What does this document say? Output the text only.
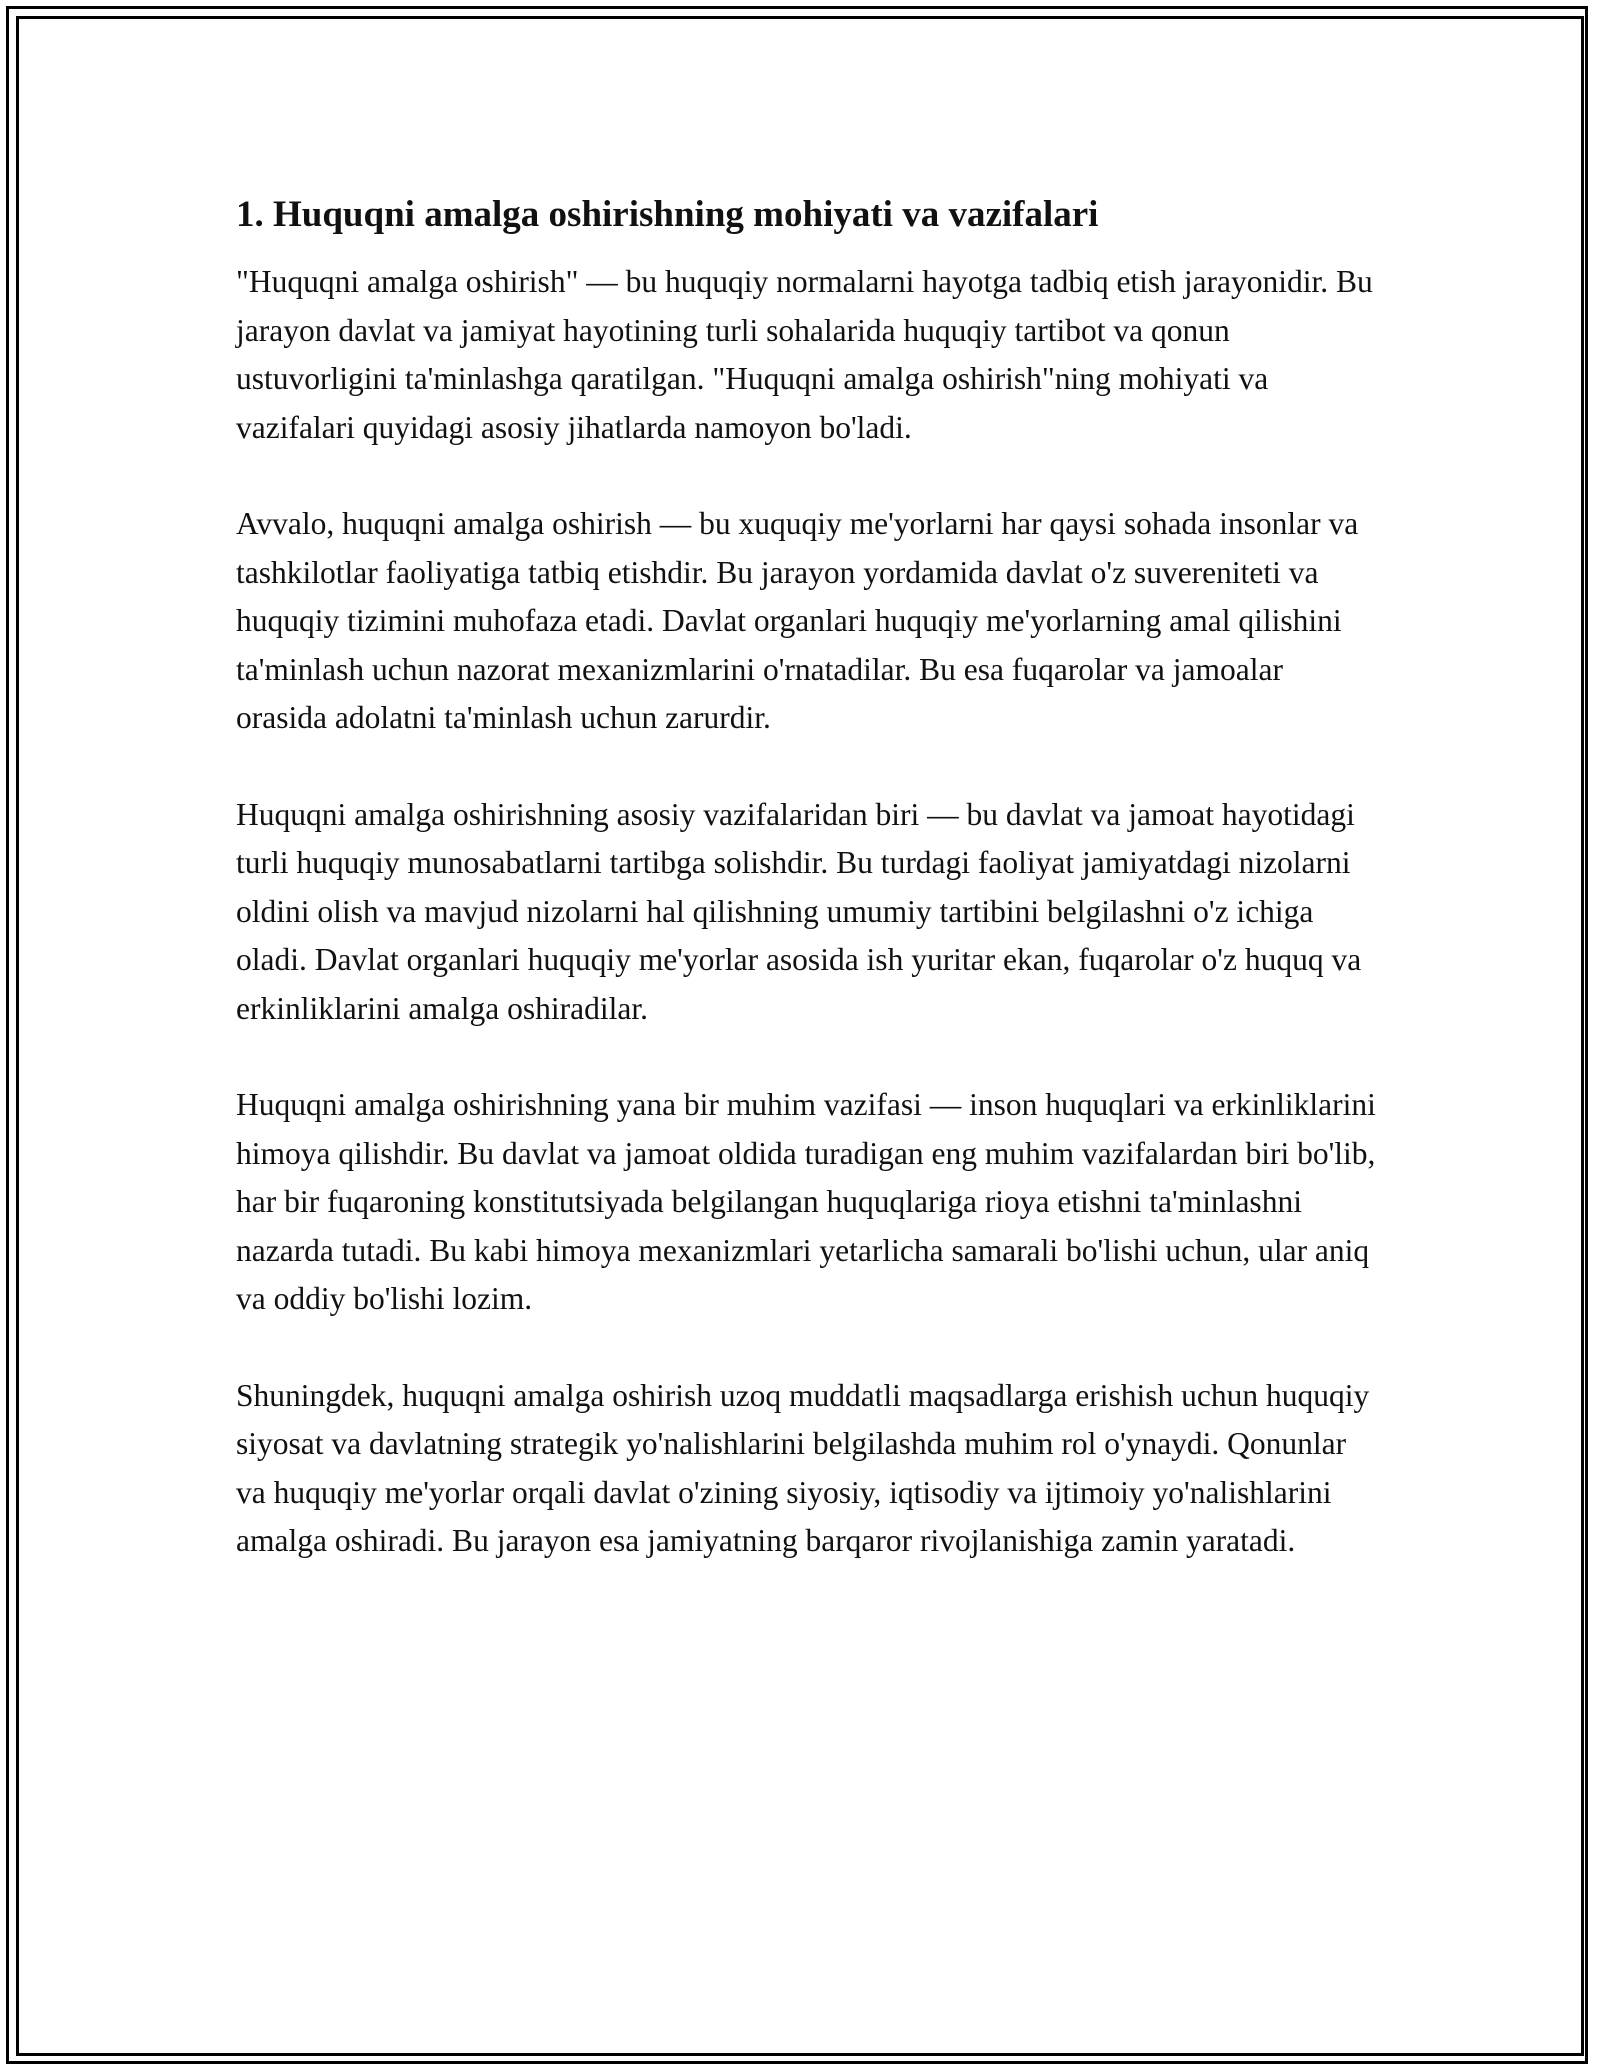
1. Huquqni amalga oshirishning mohiyati va vazifalari

"Huquqni amalga oshirish" — bu huquqiy normalarni hayotga tadbiq etish jarayonidir. Bu jarayon davlat va jamiyat hayotining turli sohalarida huquqiy tartibot va qonun ustuvorligini ta'minlashga qaratilgan. "Huquqni amalga oshirish"ning mohiyati va vazifalari quyidagi asosiy jihatlarda namoyon bo'ladi.

Avvalo, huquqni amalga oshirish — bu xuquqiy me'yorlarni har qaysi sohada insonlar va tashkilotlar faoliyatiga tatbiq etishdir. Bu jarayon yordamida davlat o'z suvereniteti va huquqiy tizimini muhofaza etadi. Davlat organlari huquqiy me'yorlarning amal qilishini ta'minlash uchun nazorat mexanizmlarini o'rnatadilar. Bu esa fuqarolar va jamoalar orasida adolatni ta'minlash uchun zarurdir.

Huquqni amalga oshirishning asosiy vazifalaridan biri — bu davlat va jamoat hayotidagi turli huquqiy munosabatlarni tartibga solishdir. Bu turdagi faoliyat jamiyatdagi nizolarni oldini olish va mavjud nizolarni hal qilishning umumiy tartibini belgilashni o'z ichiga oladi. Davlat organlari huquqiy me'yorlar asosida ish yuritar ekan, fuqarolar o'z huquq va erkinliklarini amalga oshiradilar.

Huquqni amalga oshirishning yana bir muhim vazifasi — inson huquqlari va erkinliklarini himoya qilishdir. Bu davlat va jamoat oldida turadigan eng muhim vazifalardan biri bo'lib, har bir fuqaroning konstitutsiyada belgilangan huquqlariga rioya etishni ta'minlashni nazarda tutadi. Bu kabi himoya mexanizmlari yetarlicha samarali bo'lishi uchun, ular aniq va oddiy bo'lishi lozim.

Shuningdek, huquqni amalga oshirish uzoq muddatli maqsadlarga erishish uchun huquqiy siyosat va davlatning strategik yo'nalishlarini belgilashda muhim rol o'ynaydi. Qonunlar va huquqiy me'yorlar orqali davlat o'zining siyosiy, iqtisodiy va ijtimoiy yo'nalishlarini amalga oshiradi. Bu jarayon esa jamiyatning barqaror rivojlanishiga zamin yaratadi.
